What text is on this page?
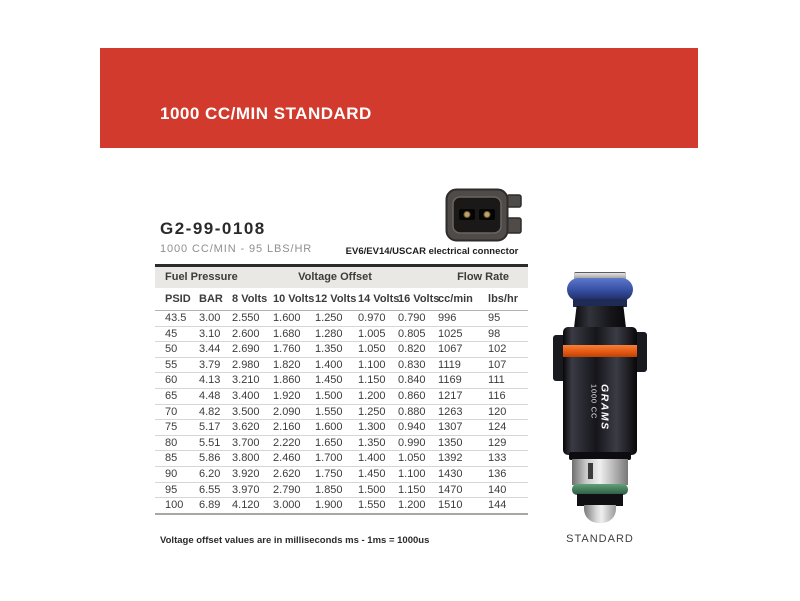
1000 CC/MIN STANDARD
G2-99-0108
1000 CC/MIN - 95 LBS/HR	EV6/EV14/USCAR electrical connector
Fuel Pressure		Voltage Offset					Flow Rate	
PSID	BAR	8 Volts	10 Volts	12 Volts	14 Volts	16 Volts	cc/min	lbs/hr
43.5	3.00	2.550	1.600	1.250	0.970	0.790	996	95
45	3.10	2.600	1.680	1.280	1.005	0.805	1025	98
50	3.44	2.690	1.760	1.350	1.050	0.820	1067	102
55	3.79	2.980	1.820	1.400	1.100	0.830	1119	107
60	4.13	3.210	1.860	1.450	1.150	0.840	1169	111
65	4.48	3.400	1.920	1.500	1.200	0.860	1217	116
70	4.82	3.500	2.090	1.550	1.250	0.880	1263	120
75	5.17	3.620	2.160	1.600	1.300	0.940	1307	124
80	5.51	3.700	2.220	1.650	1.350	0.990	1350	129
85	5.86	3.800	2.460	1.700	1.400	1.050	1392	133
90	6.20	3.920	2.620	1.750	1.450	1.100	1430	136
95	6.55	3.970	2.790	1.850	1.500	1.150	1470	140
100	6.89	4.120	3.000	1.900	1.550	1.200	1510	144
Voltage offset values are in milliseconds ms - 1ms = 1000us
GRAMS
1000 CC
STANDARD
